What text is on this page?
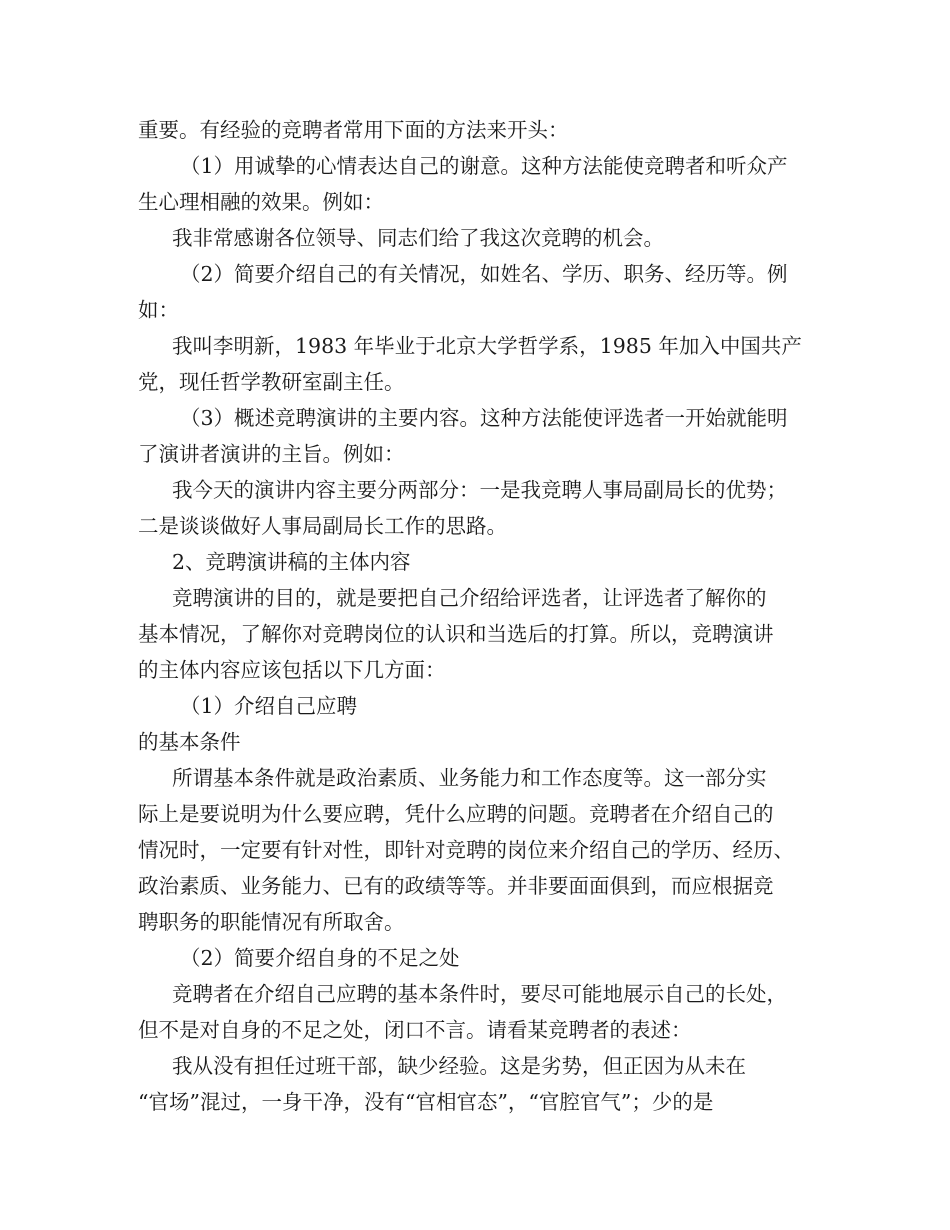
重要。有经验的竞聘者常用下面的方法来开头：

（1）用诚挚的心情表达自己的谢意。这种方法能使竞聘者和听众产

生心理相融的效果。例如：

我非常感谢各位领导、同志们给了我这次竞聘的机会。

（2）简要介绍自己的有关情况，如姓名、学历、职务、经历等。例

如：

我叫李明新，1983 年毕业于北京大学哲学系，1985 年加入中国共产

党，现任哲学教研室副主任。

（3）概述竞聘演讲的主要内容。这种方法能使评选者一开始就能明

了演讲者演讲的主旨。例如：

我今天的演讲内容主要分两部分：一是我竞聘人事局副局长的优势；

二是谈谈做好人事局副局长工作的思路。

2、竞聘演讲稿的主体内容

竞聘演讲的目的，就是要把自己介绍给评选者，让评选者了解你的

基本情况，了解你对竞聘岗位的认识和当选后的打算。所以，竞聘演讲

的主体内容应该包括以下几方面：

（1）介绍自己应聘

的基本条件

所谓基本条件就是政治素质、业务能力和工作态度等。这一部分实

际上是要说明为什么要应聘，凭什么应聘的问题。竞聘者在介绍自己的

情况时，一定要有针对性，即针对竞聘的岗位来介绍自己的学历、经历、

政治素质、业务能力、已有的政绩等等。并非要面面俱到，而应根据竞

聘职务的职能情况有所取舍。

（2）简要介绍自身的不足之处

竞聘者在介绍自己应聘的基本条件时，要尽可能地展示自己的长处，

但不是对自身的不足之处，闭口不言。请看某竞聘者的表述：

我从没有担任过班干部，缺少经验。这是劣势，但正因为从未在

“官场”混过，一身干净，没有“官相官态”，“官腔官气”；少的是
